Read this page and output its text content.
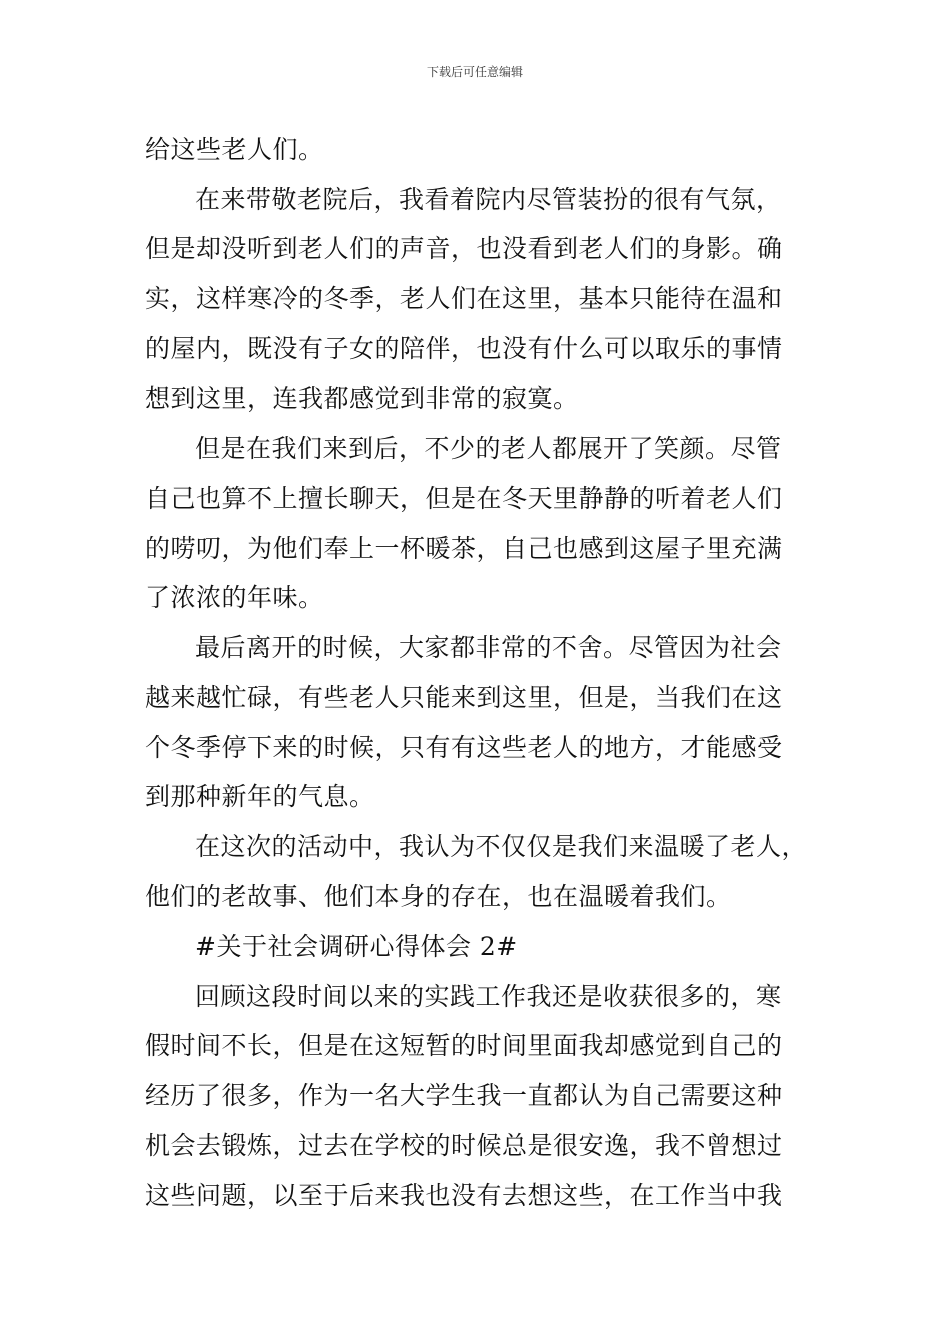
下载后可任意编辑
给这些老人们。
在来带敬老院后，我看着院内尽管装扮的很有气氛，
但是却没听到老人们的声音，也没看到老人们的身影。确
实，这样寒冷的冬季，老人们在这里，基本只能待在温和
的屋内，既没有子女的陪伴，也没有什么可以取乐的事情
想到这里，连我都感觉到非常的寂寞。
但是在我们来到后，不少的老人都展开了笑颜。尽管
自己也算不上擅长聊天，但是在冬天里静静的听着老人们
的唠叨，为他们奉上一杯暖茶，自己也感到这屋子里充满
了浓浓的年味。
最后离开的时候，大家都非常的不舍。尽管因为社会
越来越忙碌，有些老人只能来到这里，但是，当我们在这
个冬季停下来的时候，只有有这些老人的地方，才能感受
到那种新年的气息。
在这次的活动中，我认为不仅仅是我们来温暖了老人，
他们的老故事、他们本身的存在，也在温暖着我们。
#关于社会调研心得体会 2#
回顾这段时间以来的实践工作我还是收获很多的，寒
假时间不长，但是在这短暂的时间里面我却感觉到自己的
经历了很多，作为一名大学生我一直都认为自己需要这种
机会去锻炼，过去在学校的时候总是很安逸，我不曾想过
这些问题，以至于后来我也没有去想这些，在工作当中我
